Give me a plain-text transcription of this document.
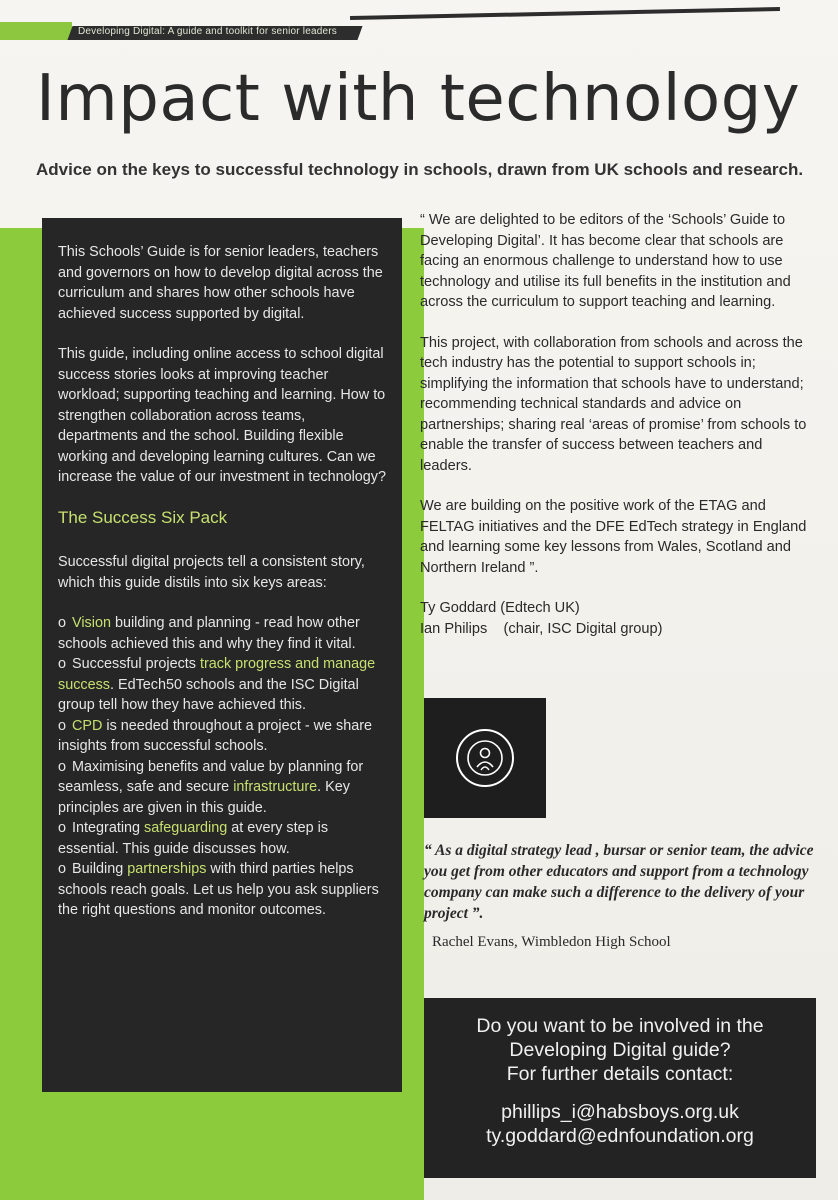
Developing Digital: A guide and toolkit for senior leaders
Impact with technology
Advice on the keys to successful technology in schools, drawn from UK schools and research.

This Schools’ Guide is for senior leaders, teachers and governors on how to develop digital across the curriculum and shares how other schools have achieved success supported by digital.

This guide, including online access to school digital success stories looks at improving teacher workload; supporting teaching and learning. How to strengthen collaboration across teams, departments and the school. Building flexible working and developing learning cultures. Can we increase the value of our investment in technology?

The Success Six Pack

Successful digital projects tell a consistent story, which this guide distils into six keys areas:

o Vision building and planning - read how other schools achieved this and why they find it vital.
o Successful projects track progress and manage success. EdTech50 schools and the ISC Digital group tell how they have achieved this.
o CPD is needed throughout a project - we share insights from successful schools.
o Maximising benefits and value by planning for seamless, safe and secure infrastructure. Key principles are given in this guide.
o Integrating safeguarding at every step is essential. This guide discusses how.
o Building partnerships with third parties helps schools reach goals. Let us help you ask suppliers the right questions and monitor outcomes.

“ We are delighted to be editors of the ‘Schools’ Guide to Developing Digital’. It has become clear that schools are facing an enormous challenge to understand how to use technology and utilise its full benefits in the institution and across the curriculum to support teaching and learning.

This project, with collaboration from schools and across the tech industry has the potential to support schools in; simplifying the information that schools have to understand; recommending technical standards and advice on partnerships; sharing real ‘areas of promise’ from schools to enable the transfer of success between teachers and leaders.

We are building on the positive work of the ETAG and FELTAG initiatives and the DFE EdTech strategy in England and learning some key lessons from Wales, Scotland and Northern Ireland ”.

Ty Goddard (Edtech UK)
Ian Philips    (chair, ISC Digital group)
“ As a digital strategy lead , bursar or senior team, the advice you get from other educators and support from a technology company can make such a difference to the delivery of your project ”.
Rachel Evans, Wimbledon High School
Do you want to be involved in the
Developing Digital guide?
For further details contact:
phillips_i@habsboys.org.uk
ty.goddard@ednfoundation.org
